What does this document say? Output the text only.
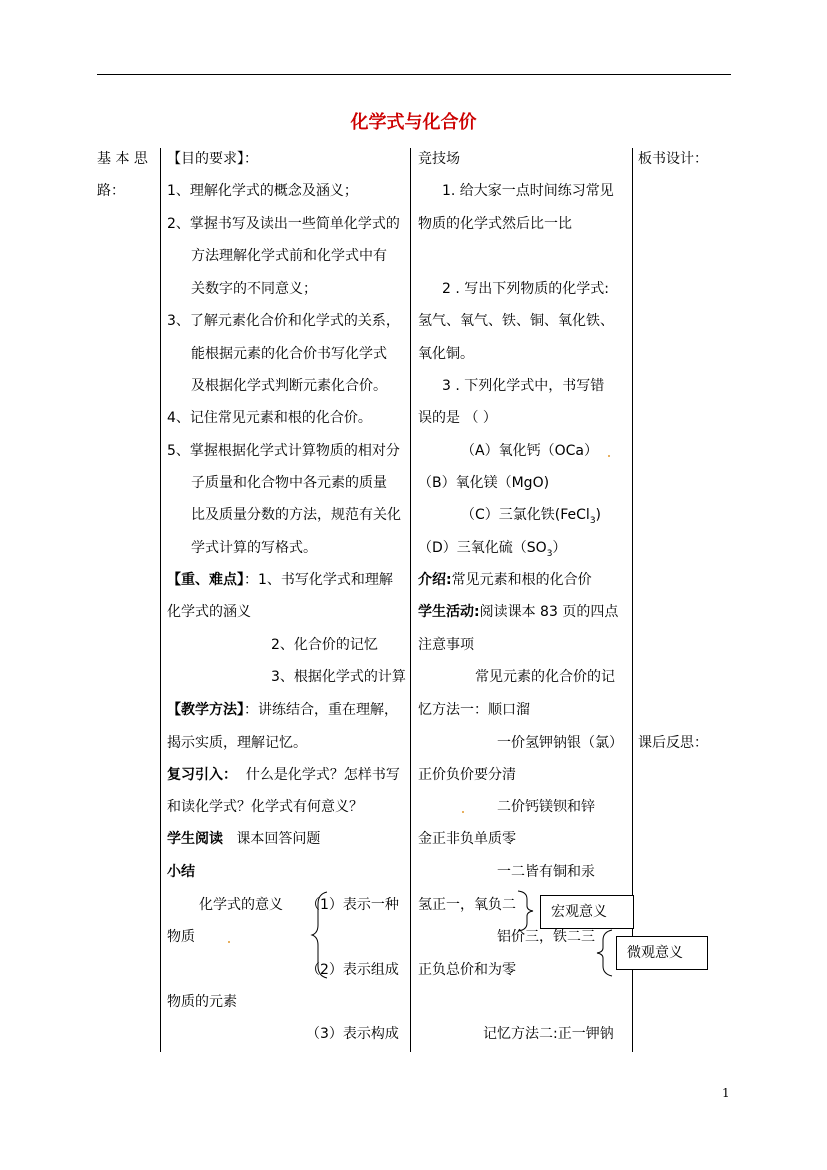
化学式与化合价
基 本 思
路：
【目的要求】：
1、理解化学式的概念及涵义；
2、掌握书写及读出一些简单化学式的
方法理解化学式前和化学式中有
关数字的不同意义；
3、了解元素化合价和化学式的关系，
能根据元素的化合价书写化学式
及根据化学式判断元素化合价。
4、记住常见元素和根的化合价。
5、掌握根据化学式计算物质的相对分
子质量和化合物中各元素的质量
比及质量分数的方法，规范有关化
学式计算的写格式。
【重、难点】：1、书写化学式和理解
化学式的涵义
2、化合价的记忆
3、根据化学式的计算
【教学方法】：讲练结合，重在理解，
揭示实质，理解记忆。
复习引入： 什么是化学式？怎样书写
和读化学式？化学式有何意义？
学生阅读 课本回答问题
小结
化学式的意义 （1）表示一种
物质
（2）表示组成
物质的元素
（3）表示构成
竞技场
1. 给大家一点时间练习常见
物质的化学式然后比一比
2 . 写出下列物质的化学式:
氢气、氧气、铁、铜、氧化铁、
氧化铜。
3 . 下列化学式中，书写错
误的是 （ ）
（A）氧化钙（OCa）
（B）氧化镁（MgO)
（C）三氯化铁(FeCl$_3$)
（D）三氧化硫$(SO_3)$
介绍:常见元素和根的化合价
学生活动:阅读课本 83 页的四点
注意事项
常见元素的化合价的记
忆方法一：顺口溜
一价氢钾钠银（氯）
正价负价要分清
二价钙镁钡和锌
金正非负单质零
一二皆有铜和汞
氢正一，氧负二
铝价三，铁二三
正负总价和为零
记忆方法二:正一钾钠
宏观意义
微观意义
板书设计：
课后反思：
1
